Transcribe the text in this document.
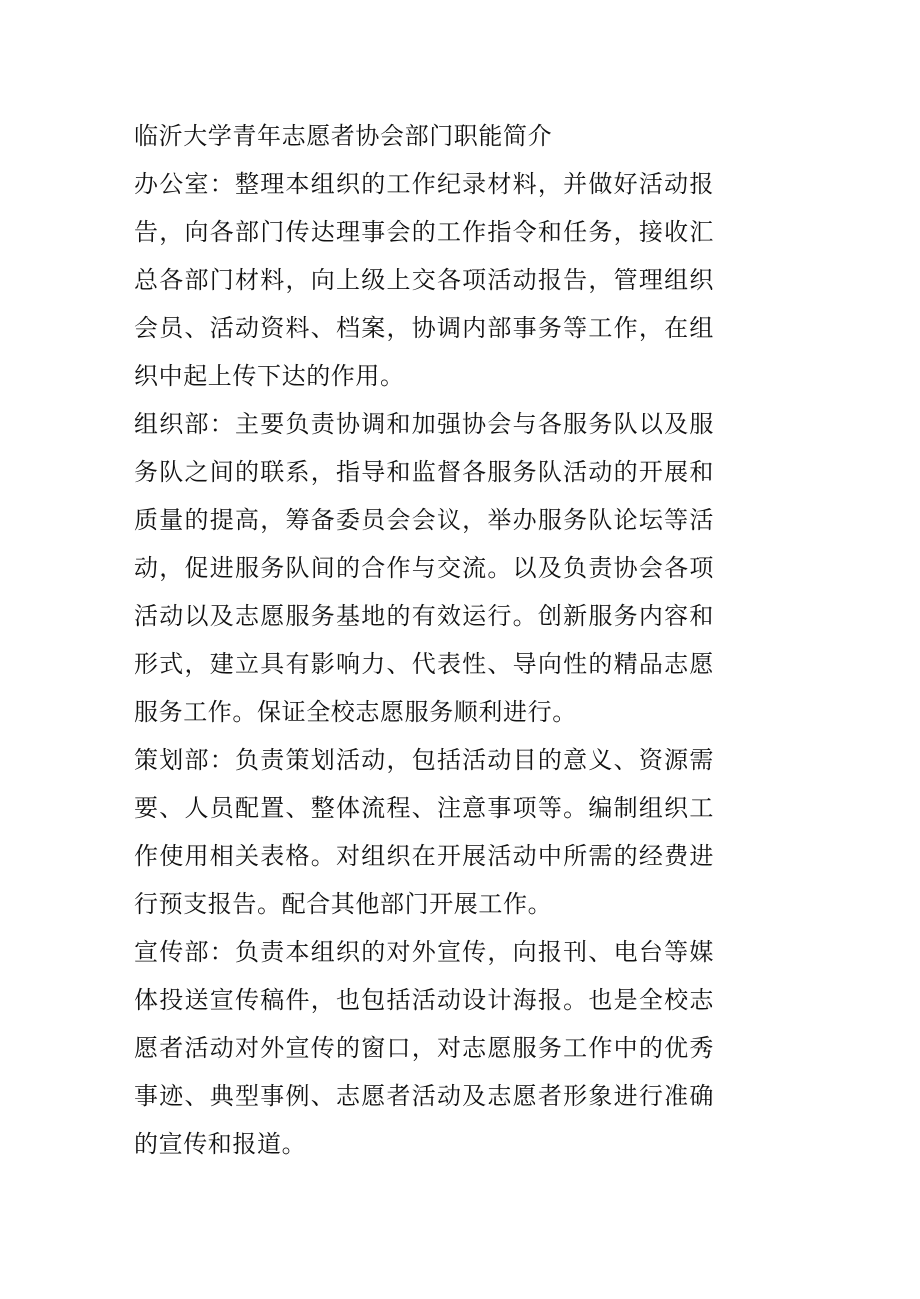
临沂大学青年志愿者协会部门职能简介

办公室：整理本组织的工作纪录材料，并做好活动报告，向各部门传达理事会的工作指令和任务，接收汇总各部门材料，向上级上交各项活动报告，管理组织会员、活动资料、档案，协调内部事务等工作，在组织中起上传下达的作用。

组织部：主要负责协调和加强协会与各服务队以及服务队之间的联系，指导和监督各服务队活动的开展和质量的提高，筹备委员会会议，举办服务队论坛等活动，促进服务队间的合作与交流。以及负责协会各项活动以及志愿服务基地的有效运行。创新服务内容和形式，建立具有影响力、代表性、导向性的精品志愿服务工作。保证全校志愿服务顺利进行。

策划部：负责策划活动，包括活动目的意义、资源需要、人员配置、整体流程、注意事项等。编制组织工作使用相关表格。对组织在开展活动中所需的经费进行预支报告。配合其他部门开展工作。

宣传部：负责本组织的对外宣传，向报刊、电台等媒体投送宣传稿件，也包括活动设计海报。也是全校志愿者活动对外宣传的窗口，对志愿服务工作中的优秀事迹、典型事例、志愿者活动及志愿者形象进行准确的宣传和报道。
